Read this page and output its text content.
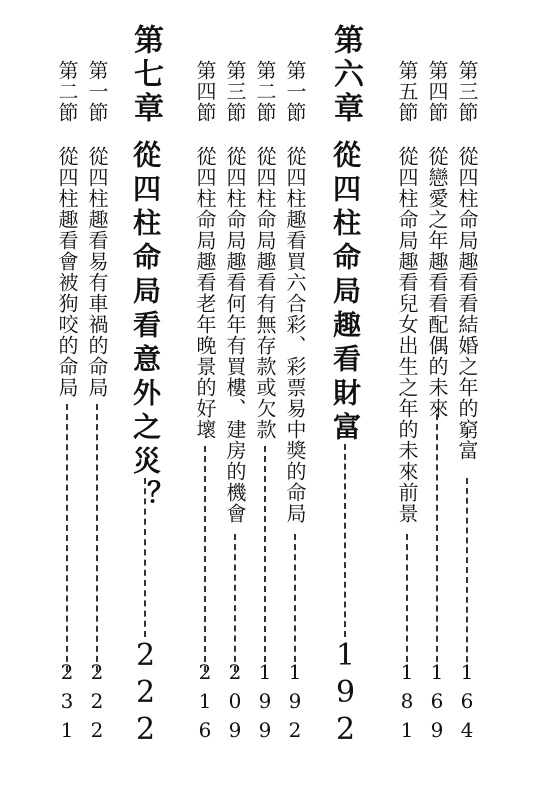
第三節
從四柱命局趣看看結婚之年的窮富
164
第四節
從戀愛之年趣看看配偶的未來
169
第五節
從四柱命局趣看兒女出生之年的未來前景
181
第六章
從四柱命局趣看財富
192
第一節
從四柱趣看買六合彩、彩票易中獎的命局
192
第二節
從四柱命局趣看有無存款或欠款
199
第三節
從四柱命局趣看何年有買樓、建房的機會
209
第四節
從四柱命局趣看老年晚景的好壞
216
第七章
從四柱命局看意外之災？
222
第一節
從四柱趣看易有車禍的命局
222
第二節
從四柱趣看會被狗咬的命局
231
